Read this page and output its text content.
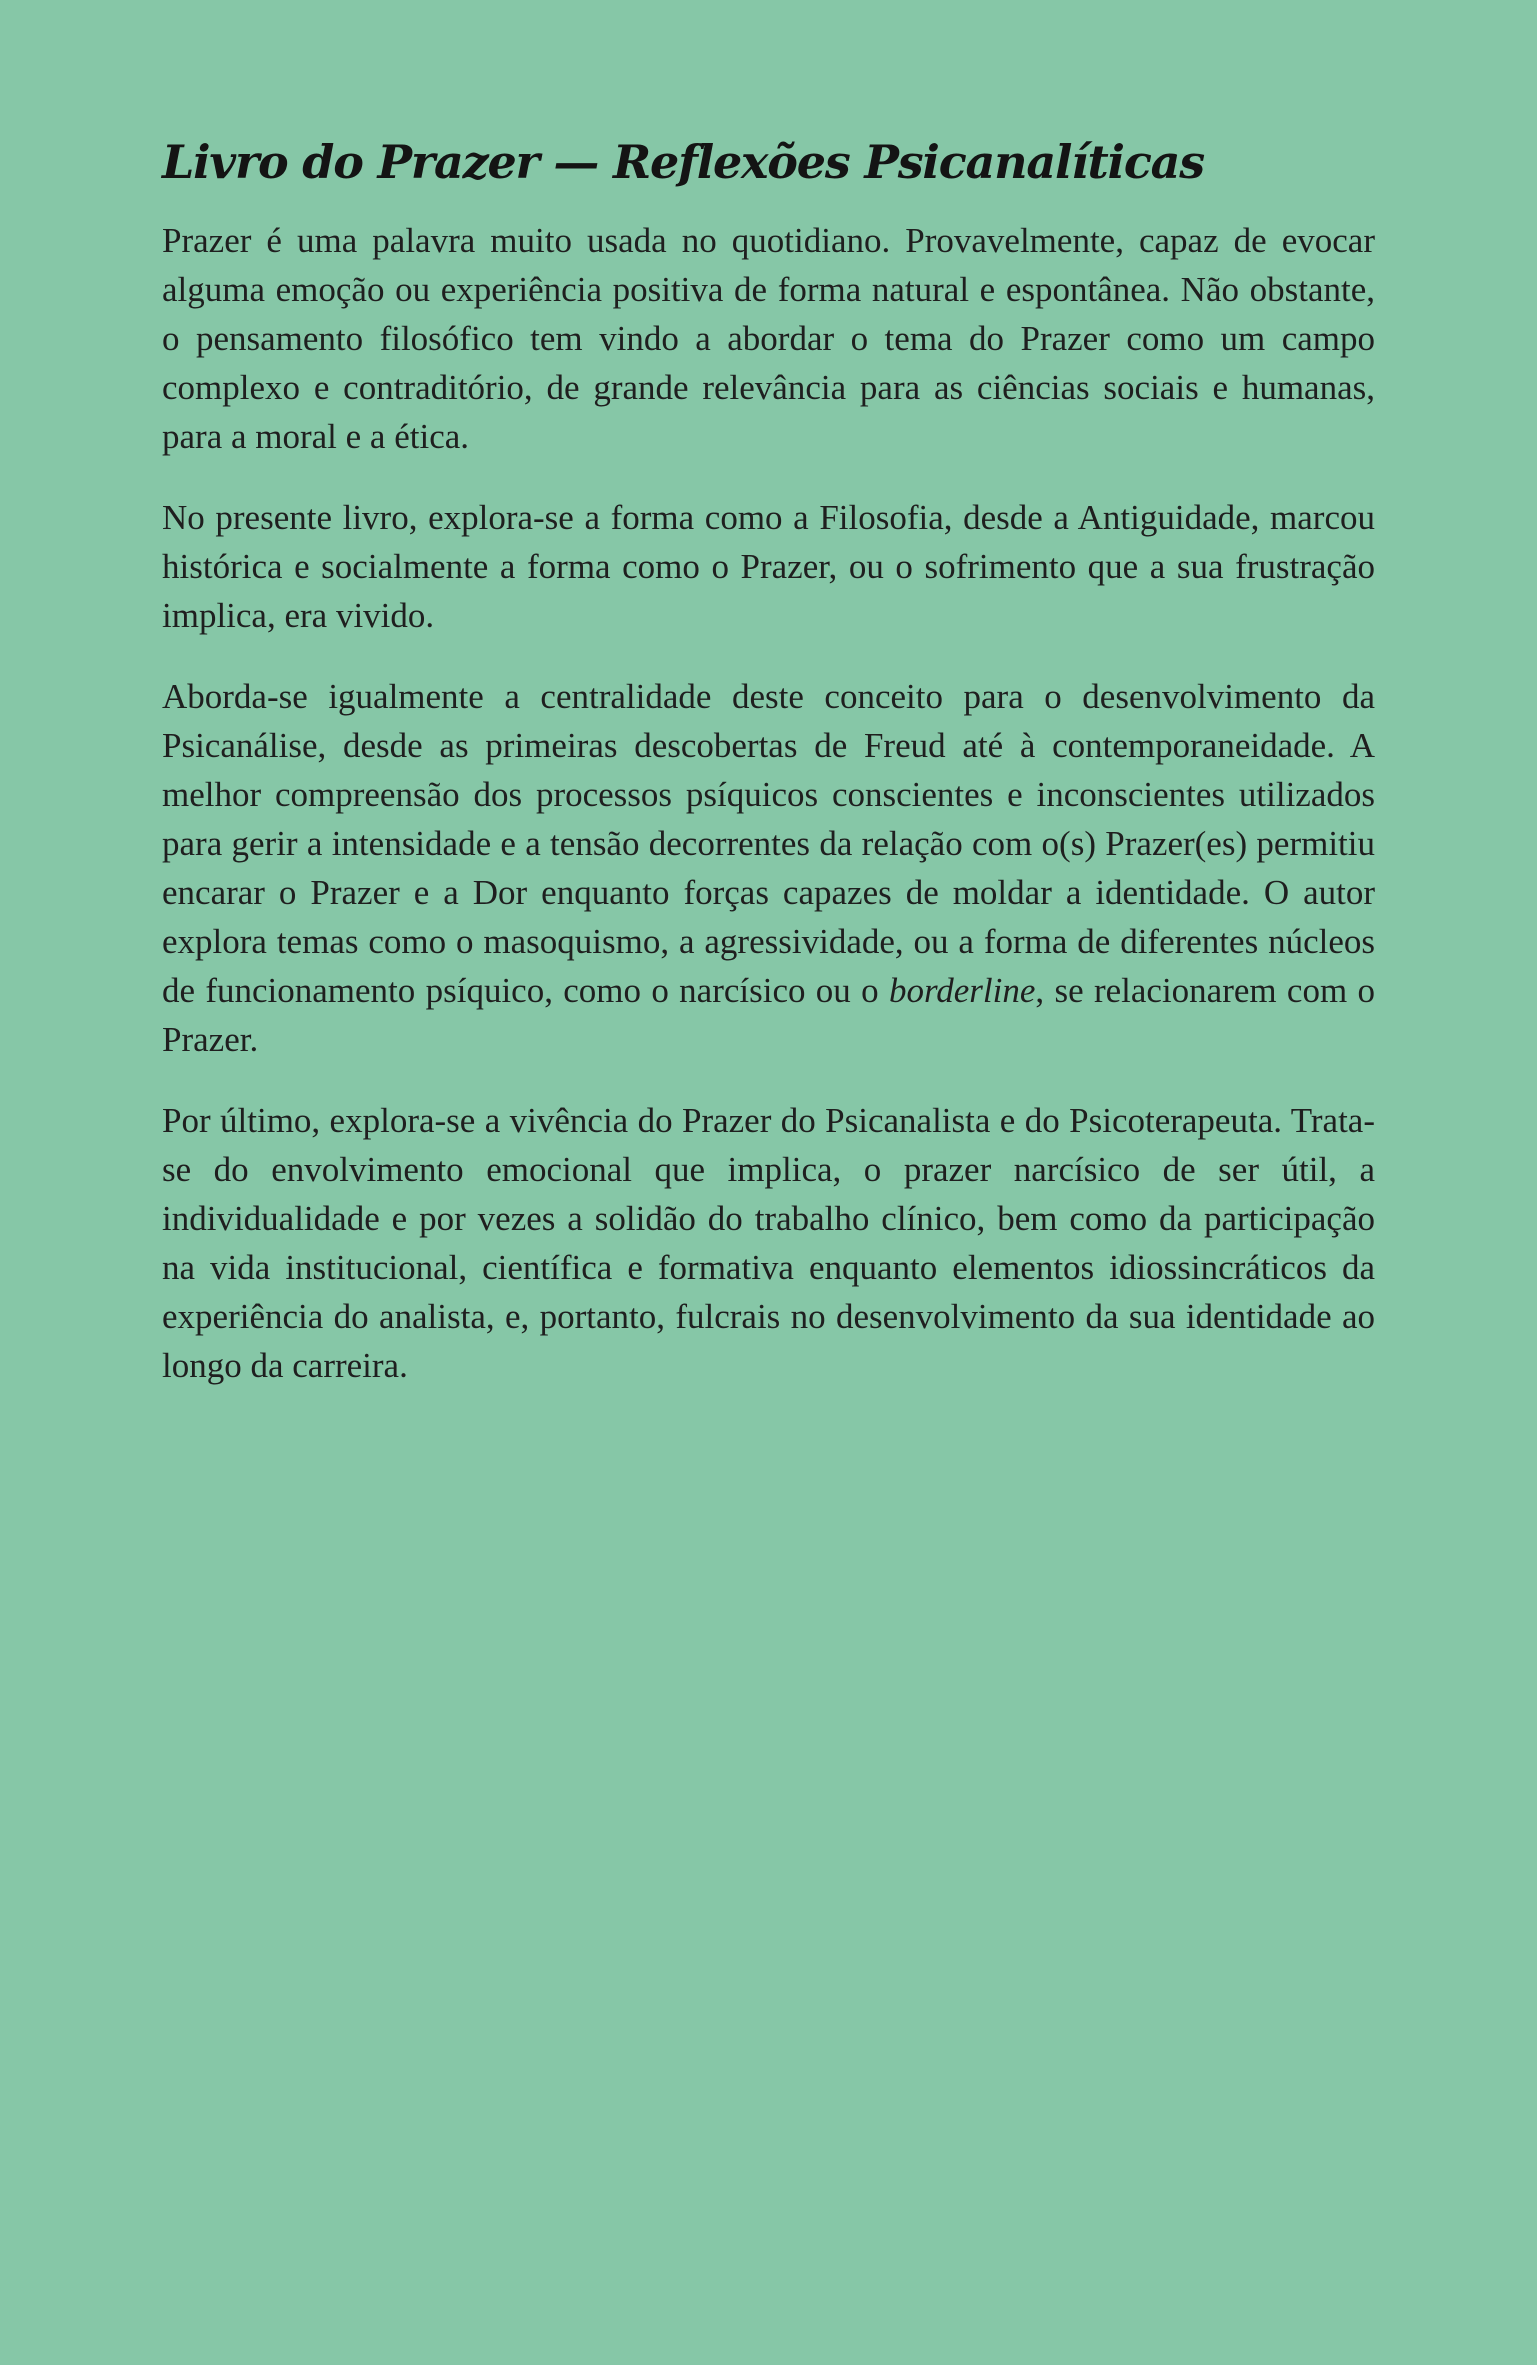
Livro do Prazer — Reflexões Psicanalíticas

Prazer é uma palavra muito usada no quotidiano. Provavelmente, capaz de evocar alguma emoção ou experiência positiva de forma natural e espontânea. Não obstante, o pensamento filosófico tem vindo a abordar o tema do Prazer como um campo complexo e contraditório, de grande relevância para as ciências sociais e humanas, para a moral e a ética.

No presente livro, explora-se a forma como a Filosofia, desde a Antiguidade, marcou histórica e socialmente a forma como o Prazer, ou o sofrimento que a sua frustração implica, era vivido.

Aborda-se igualmente a centralidade deste conceito para o desenvolvimento da Psicanálise, desde as primeiras descobertas de Freud até à contemporaneidade. A melhor compreensão dos processos psíquicos conscientes e inconscientes utilizados para gerir a intensidade e a tensão decorrentes da relação com o(s) Prazer(es) permitiu encarar o Prazer e a Dor enquanto forças capazes de moldar a identidade. O autor explora temas como o masoquismo, a agressividade, ou a forma de diferentes núcleos de funcionamento psíquico, como o narcísico ou o borderline, se relacionarem com o Prazer.

Por último, explora-se a vivência do Prazer do Psicanalista e do Psicoterapeuta. Trata-se do envolvimento emocional que implica, o prazer narcísico de ser útil, a individualidade e por vezes a solidão do trabalho clínico, bem como da participação na vida institucional, científica e formativa enquanto elementos idiossincráticos da experiência do analista, e, portanto, fulcrais no desenvolvimento da sua identidade ao longo da carreira.
